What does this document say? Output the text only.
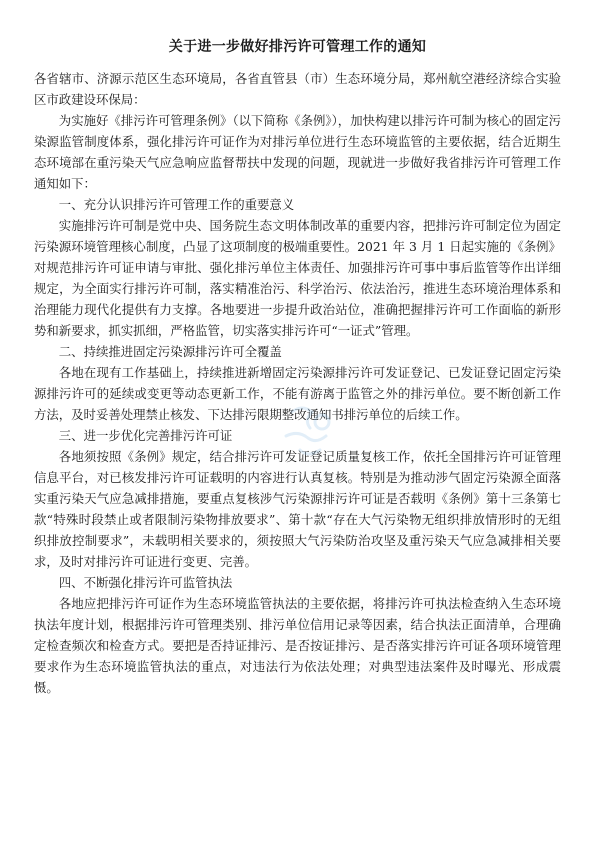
关于进一步做好排污许可管理工作的通知

各省辖市、济源示范区生态环境局，各省直管县（市）生态环境分局，郑州航空港经济综合实验区市政建设环保局：

为实施好《排污许可管理条例》（以下简称《条例》），加快构建以排污许可制为核心的固定污染源监管制度体系，强化排污许可证作为对排污单位进行生态环境监管的主要依据，结合近期生态环境部在重污染天气应急响应监督帮扶中发现的问题，现就进一步做好我省排污许可管理工作通知如下：

一、充分认识排污许可管理工作的重要意义

实施排污许可制是党中央、国务院生态文明体制改革的重要内容，把排污许可制定位为固定污染源环境管理核心制度，凸显了这项制度的极端重要性。2021 年 3 月 1 日起实施的《条例》对规范排污许可证申请与审批、强化排污单位主体责任、加强排污许可事中事后监管等作出详细规定，为全面实行排污许可制，落实精准治污、科学治污、依法治污，推进生态环境治理体系和治理能力现代化提供有力支撑。各地要进一步提升政治站位，准确把握排污许可工作面临的新形势和新要求，抓实抓细，严格监管，切实落实排污许可“一证式”管理。

二、持续推进固定污染源排污许可全覆盖

各地在现有工作基础上，持续推进新增固定污染源排污许可发证登记、已发证登记固定污染源排污许可的延续或变更等动态更新工作，不能有游离于监管之外的排污单位。要不断创新工作方法，及时妥善处理禁止核发、下达排污限期整改通知书排污单位的后续工作。

三、进一步优化完善排污许可证

各地须按照《条例》规定，结合排污许可发证登记质量复核工作，依托全国排污许可证管理信息平台，对已核发排污许可证载明的内容进行认真复核。特别是为推动涉气固定污染源全面落实重污染天气应急减排措施，要重点复核涉气污染源排污许可证是否载明《条例》第十三条第七款“特殊时段禁止或者限制污染物排放要求”、第十款“存在大气污染物无组织排放情形时的无组织排放控制要求”，未载明相关要求的，须按照大气污染防治攻坚及重污染天气应急减排相关要求，及时对排污许可证进行变更、完善。

四、不断强化排污许可监管执法

各地应把排污许可证作为生态环境监管执法的主要依据，将排污许可执法检查纳入生态环境执法年度计划，根据排污许可管理类别、排污单位信用记录等因素，结合执法正面清单，合理确定检查频次和检查方式。要把是否持证排污、是否按证排污、是否落实排污许可证各项环境管理要求作为生态环境监管执法的重点，对违法行为依法处理；对典型违法案件及时曝光、形成震慑。
